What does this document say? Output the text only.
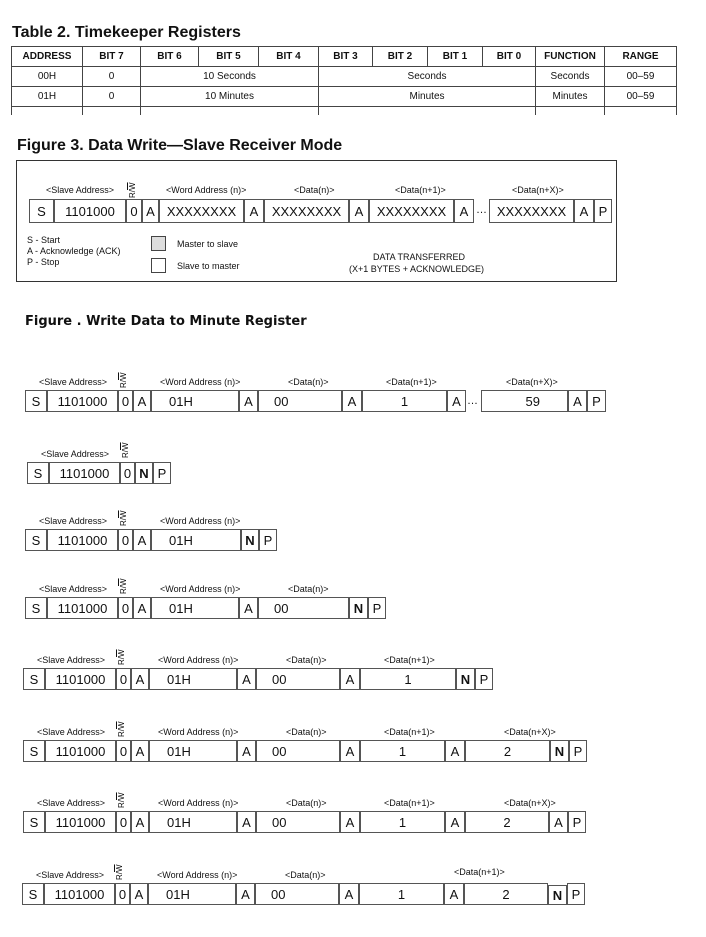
Table 2. Timekeeper Registers
ADDRESS	BIT 7	BIT 6	BIT 5	BIT 4	BIT 3	BIT 2	BIT 1	BIT 0	FUNCTION	RANGE
00H	0	10 Seconds			Seconds				Seconds	00–59
01H	0	10 Minutes			Minutes				Minutes	00–59

Figure 3. Data Write—Slave Receiver Mode
<Slave Address> $R/\overline{W}$	<Word Address (n)>	<Data(n)>	<Data(n+1)>	<Data(n+X)>
S	1101000	0 A XXXXXXXX	A	XXXXXXXX	A	XXXXXXXX	A … XXXXXXXX	A P
S - Start
A - Acknowledge (ACK)
P - Stop
Master to slave
Slave to master
DATA TRANSFERRED
(X+1 BYTES + ACKNOWLEDGE)
Figure . Write Data to Minute Register
<Slave Address> $R/\overline{W}$
<Word Address (n)>	<Data(n)>	<Data(n+1)>	<Data(n+X)>
S	1101000	0 A	01H	A	00	A	1	A …	59	A P
<Slave Address> $R/\overline{W}$
S	1101000	0 N P
<Slave Address> $R/\overline{W}$
<Word Address (n)>
S	1101000	0 A	01H	N P
<Slave Address> $R/\overline{W}$
<Word Address (n)>	<Data(n)>
S	1101000	0 A	01H	A	00	N P
<Slave Address> $R/\overline{W}$
<Word Address (n)>	<Data(n)>	<Data(n+1)>
S	1101000	0 A	01H	A	00	A	1	N P
<Slave Address> $R/\overline{W}$
<Word Address (n)>	<Data(n)>	<Data(n+1)>	<Data(n+X)>
S	1101000	0 A	01H	A	00	A	1	A	2	N P
<Slave Address> $R/\overline{W}$
<Word Address (n)>	<Data(n)>	<Data(n+1)>	<Data(n+X)>
S	1101000	0 A	01H	A	00	A	1	A	2	A P
<Slave Address> $R/\overline{W}$
<Word Address (n)>	<Data(n)>	<Data(n+1)>
S	1101000	0 A	01H	A	00	A	1	A	2	N P
